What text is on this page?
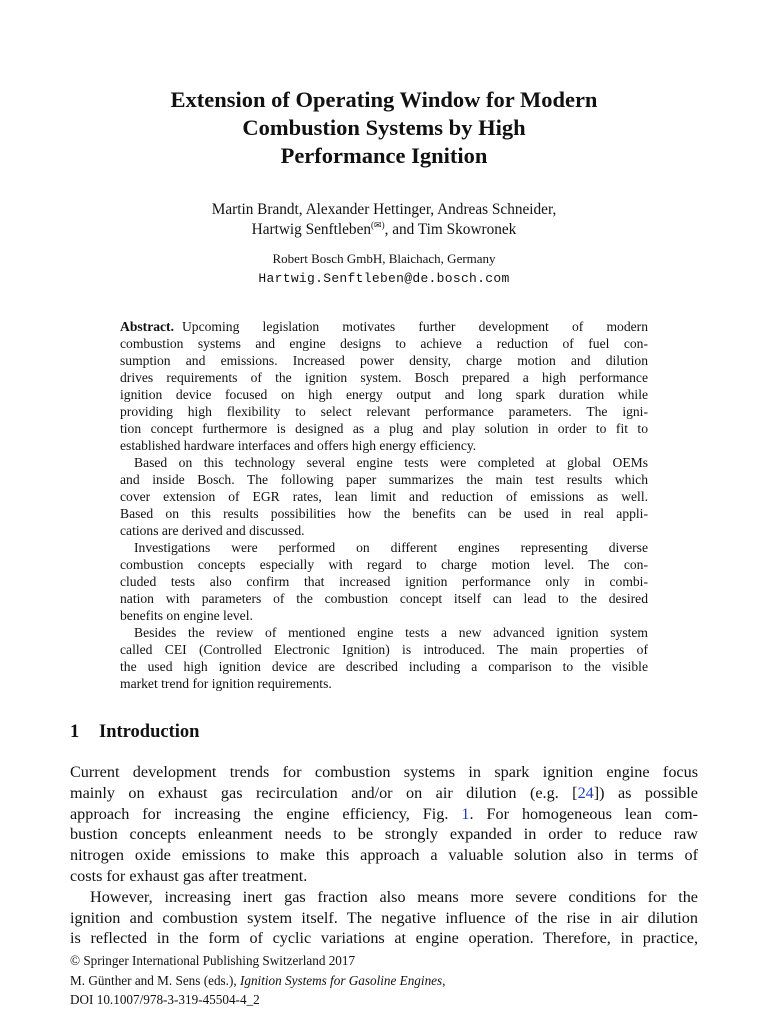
Extension of Operating Window for Modern
Combustion Systems by High
Performance Ignition
Martin Brandt, Alexander Hettinger, Andreas Schneider,
Hartwig Senftleben(✉), and Tim Skowronek
Robert Bosch GmbH, Blaichach, Germany
Hartwig.Senftleben@de.bosch.com
Abstract. Upcoming legislation motivates further development of modern
combustion systems and engine designs to achieve a reduction of fuel con-
sumption and emissions. Increased power density, charge motion and dilution
drives requirements of the ignition system. Bosch prepared a high performance
ignition device focused on high energy output and long spark duration while
providing high flexibility to select relevant performance parameters. The igni-
tion concept furthermore is designed as a plug and play solution in order to fit to
established hardware interfaces and offers high energy efficiency.
Based on this technology several engine tests were completed at global OEMs
and inside Bosch. The following paper summarizes the main test results which
cover extension of EGR rates, lean limit and reduction of emissions as well.
Based on this results possibilities how the benefits can be used in real appli-
cations are derived and discussed.
Investigations were performed on different engines representing diverse
combustion concepts especially with regard to charge motion level. The con-
cluded tests also confirm that increased ignition performance only in combi-
nation with parameters of the combustion concept itself can lead to the desired
benefits on engine level.
Besides the review of mentioned engine tests a new advanced ignition system
called CEI (Controlled Electronic Ignition) is introduced. The main properties of
the used high ignition device are described including a comparison to the visible
market trend for ignition requirements.
1 Introduction
Current development trends for combustion systems in spark ignition engine focus
mainly on exhaust gas recirculation and/or on air dilution (e.g. [24]) as possible
approach for increasing the engine efficiency, Fig. 1. For homogeneous lean com-
bustion concepts enleanment needs to be strongly expanded in order to reduce raw
nitrogen oxide emissions to make this approach a valuable solution also in terms of
costs for exhaust gas after treatment.
However, increasing inert gas fraction also means more severe conditions for the
ignition and combustion system itself. The negative influence of the rise in air dilution
is reflected in the form of cyclic variations at engine operation. Therefore, in practice,
© Springer International Publishing Switzerland 2017
M. Günther and M. Sens (eds.), Ignition Systems for Gasoline Engines,
DOI 10.1007/978-3-319-45504-4_2
